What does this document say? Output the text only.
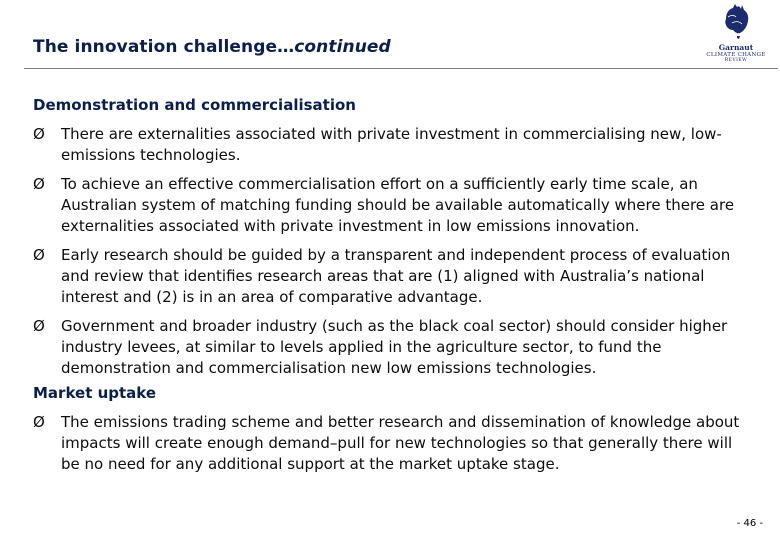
The innovation challenge…continued	Garnaut
CLIMATE CHANGE
REVIEW
Demonstration and commercialisation
Ø There are externalities associated with private investment in commercialising new, low-emissions technologies.
Ø To achieve an effective commercialisation effort on a sufficiently early time scale, an Australian system of matching funding should be available automatically where there are externalities associated with private investment in low emissions innovation.
Ø Early research should be guided by a transparent and independent process of evaluation and review that identifies research areas that are (1) aligned with Australia’s national interest and (2) is in an area of comparative advantage.
Ø Government and broader industry (such as the black coal sector) should consider higher industry levees, at similar to levels applied in the agriculture sector, to fund the demonstration and commercialisation new low emissions technologies.
Market uptake
Ø The emissions trading scheme and better research and dissemination of knowledge about impacts will create enough demand–pull for new technologies so that generally there will be no need for any additional support at the market uptake stage.
- 46 -
